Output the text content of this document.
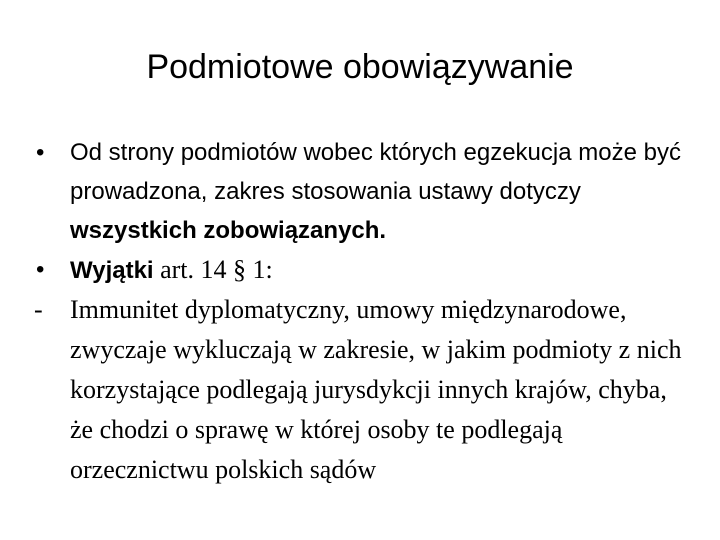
Podmiotowe obowiązywanie
• Od strony podmiotów wobec których egzekucja może być prowadzona, zakres stosowania ustawy dotyczy wszystkich zobowiązanych.
• Wyjątki art. 14 § 1:
- Immunitet dyplomatyczny, umowy międzynarodowe, zwyczaje wykluczają w zakresie, w jakim podmioty z nich korzystające podlegają jurysdykcji innych krajów, chyba, że chodzi o sprawę w której osoby te podlegają orzecznictwu polskich sądów
